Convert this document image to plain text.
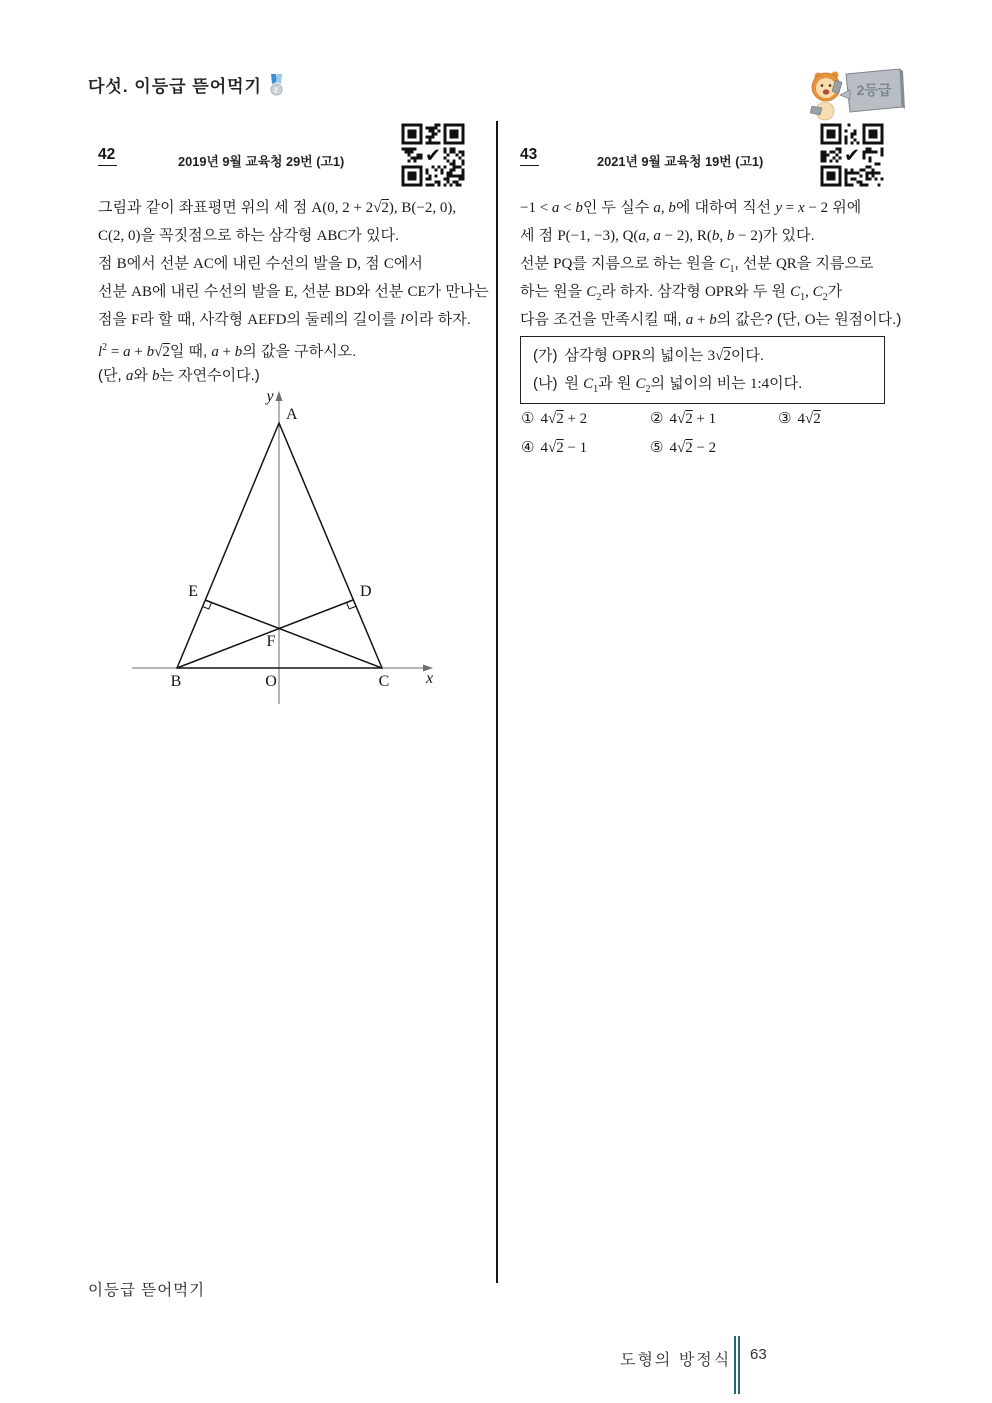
다섯. 이등급 뜯어먹기 2	2등급
42	2019년 9월 교육청 29번 (고1)	✔
그림과 같이 좌표평면 위의 세 점 A(0, 2 + 2√2), B(−2, 0),
C(2, 0)을 꼭짓점으로 하는 삼각형 ABC가 있다.
점 B에서 선분 AC에 내린 수선의 발을 D, 점 C에서
선분 AB에 내린 수선의 발을 E, 선분 BD와 선분 CE가 만나는
점을 F라 할 때, 사각형 AEFD의 둘레의 길이를 l이라 하자.
$l^2 = a + b√2$일 때, a + b의 값을 구하시오.
(단, a와 b는 자연수이다.)
y
A
E	D
F
B	O	C x
43	2021년 9월 교육청 19번 (고1)	✔
−1 < a < b인 두 실수 a, b에 대하여 직선 y = x − 2 위에
세 점 P(−1, −3), Q(a, a − 2), R(b, b − 2)가 있다.
선분 PQ를 지름으로 하는 원을 $C_1$, 선분 QR을 지름으로
하는 원을 $C_2$라 하자. 삼각형 OPR와 두 원 $C_1$, $C_2$가
다음 조건을 만족시킬 때, a + b의 값은? (단, O는 원점이다.)
(가) 삼각형 OPR의 넓이는 3√2이다.
(나) 원 $C_1$과 원 $C_2$의 넓이의 비는 1:4이다.
① 4√2 + 2	② 4√2 + 1	③ 4√2
④ 4√2 − 1	⑤ 4√2 − 2
이등급 뜯어먹기
도형의 방정식 63
